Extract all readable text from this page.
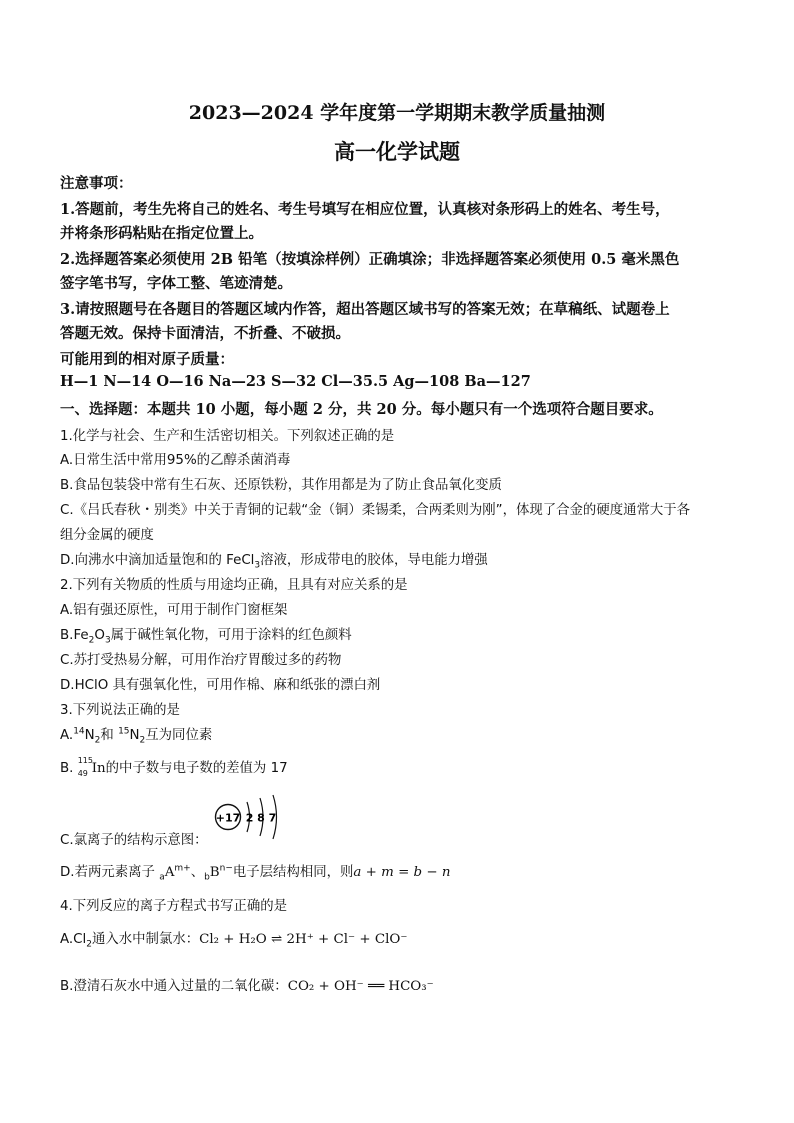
2023—2024 学年度第一学期期末教学质量抽测
高一化学试题
注意事项：
1.答题前，考生先将自己的姓名、考生号填写在相应位置，认真核对条形码上的姓名、考生号，
并将条形码粘贴在指定位置上。
2.选择题答案必须使用 2B 铅笔（按填涂样例）正确填涂；非选择题答案必须使用 0.5 毫米黑色
签字笔书写，字体工整、笔迹清楚。
3.请按照题号在各题目的答题区域内作答，超出答题区域书写的答案无效；在草稿纸、试题卷上
答题无效。保持卡面清洁，不折叠、不破损。
可能用到的相对原子质量：
H—1 N—14 O—16 Na—23 S—32 Cl—35.5 Ag—108 Ba—127
一、选择题：本题共 10 小题，每小题 2 分，共 20 分。每小题只有一个选项符合题目要求。
1.化学与社会、生产和生活密切相关。下列叙述正确的是
A.日常生活中常用95%的乙醇杀菌消毒
B.食品包装袋中常有生石灰、还原铁粉，其作用都是为了防止食品氧化变质
C.《吕氏春秋・别类》中关于青铜的记载“金（铜）柔锡柔，合两柔则为刚”，体现了合金的硬度通常大于各
组分金属的硬度
D.向沸水中滴加适量饱和的 FeCl$_3$溶液，形成带电的胶体，导电能力增强
2.下列有关物质的性质与用途均正确，且具有对应关系的是
A.铝有强还原性，可用于制作门窗框架
$B.Fe_2O_3$属于碱性氧化物，可用于涂料的红色颜料
C.苏打受热易分解，可用作治疗胃酸过多的药物
D.HClO 具有强氧化性，可用作棉、麻和纸张的漂白剂
3.下列说法正确的是
$A.^{14}N_2$和 $^{15}N_2$互为同位素
B.
115
49 In的中子数与电子数的差值为 17
C.氯离子的结构示意图：
+17 2 8 7
D.若两元素离子 $_aA^{m+}$、$_bB^{n-}$电子层结构相同，则a + m = b − n
4.下列反应的离子方程式书写正确的是
$A.Cl_2$通入水中制氯水：Cl₂ + H₂O ⇌ 2H⁺ + Cl⁻ + ClO⁻
B.澄清石灰水中通入过量的二氧化碳：CO₂ + OH⁻ ══ HCO₃⁻
